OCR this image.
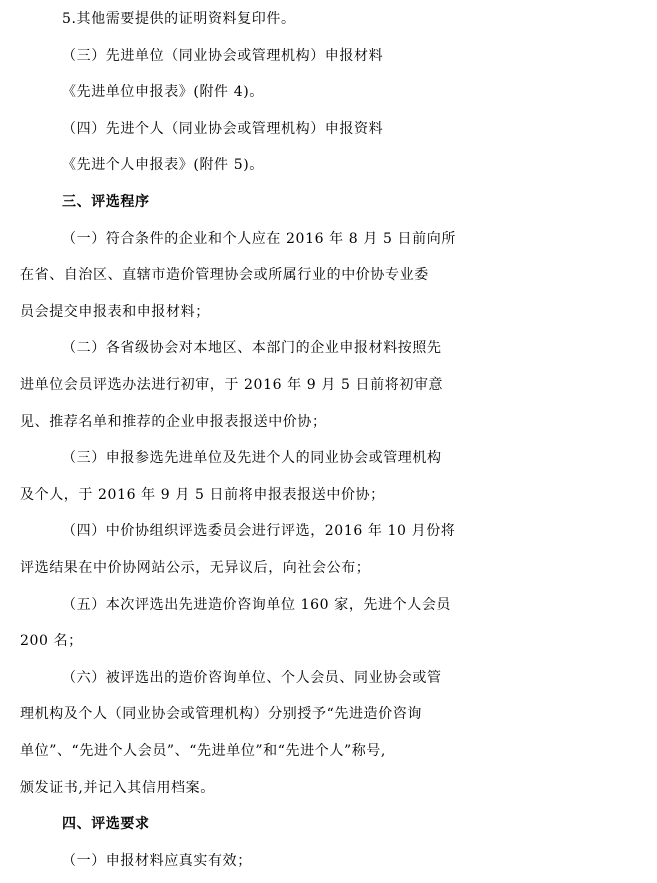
5.其他需要提供的证明资料复印件。
（三）先进单位（同业协会或管理机构）申报材料
《先进单位申报表》(附件 4)。
（四）先进个人（同业协会或管理机构）申报资料
《先进个人申报表》(附件 5)。
三、评选程序
（一）符合条件的企业和个人应在 2016 年 8 月 5 日前向所
在省、自治区、直辖市造价管理协会或所属行业的中价协专业委
员会提交申报表和申报材料；
（二）各省级协会对本地区、本部门的企业申报材料按照先
进单位会员评选办法进行初审，于 2016 年 9 月 5 日前将初审意
见、推荐名单和推荐的企业申报表报送中价协；
（三）申报参选先进单位及先进个人的同业协会或管理机构
及个人，于 2016 年 9 月 5 日前将申报表报送中价协；
（四）中价协组织评选委员会进行评选，2016 年 10 月份将
评选结果在中价协网站公示，无异议后，向社会公布；
（五）本次评选出先进造价咨询单位 160 家，先进个人会员
200 名；
（六）被评选出的造价咨询单位、个人会员、同业协会或管
理机构及个人（同业协会或管理机构）分别授予“先进造价咨询
单位”、“先进个人会员”、“先进单位”和“先进个人”称号,
颁发证书,并记入其信用档案。
四、评选要求
（一）申报材料应真实有效；
